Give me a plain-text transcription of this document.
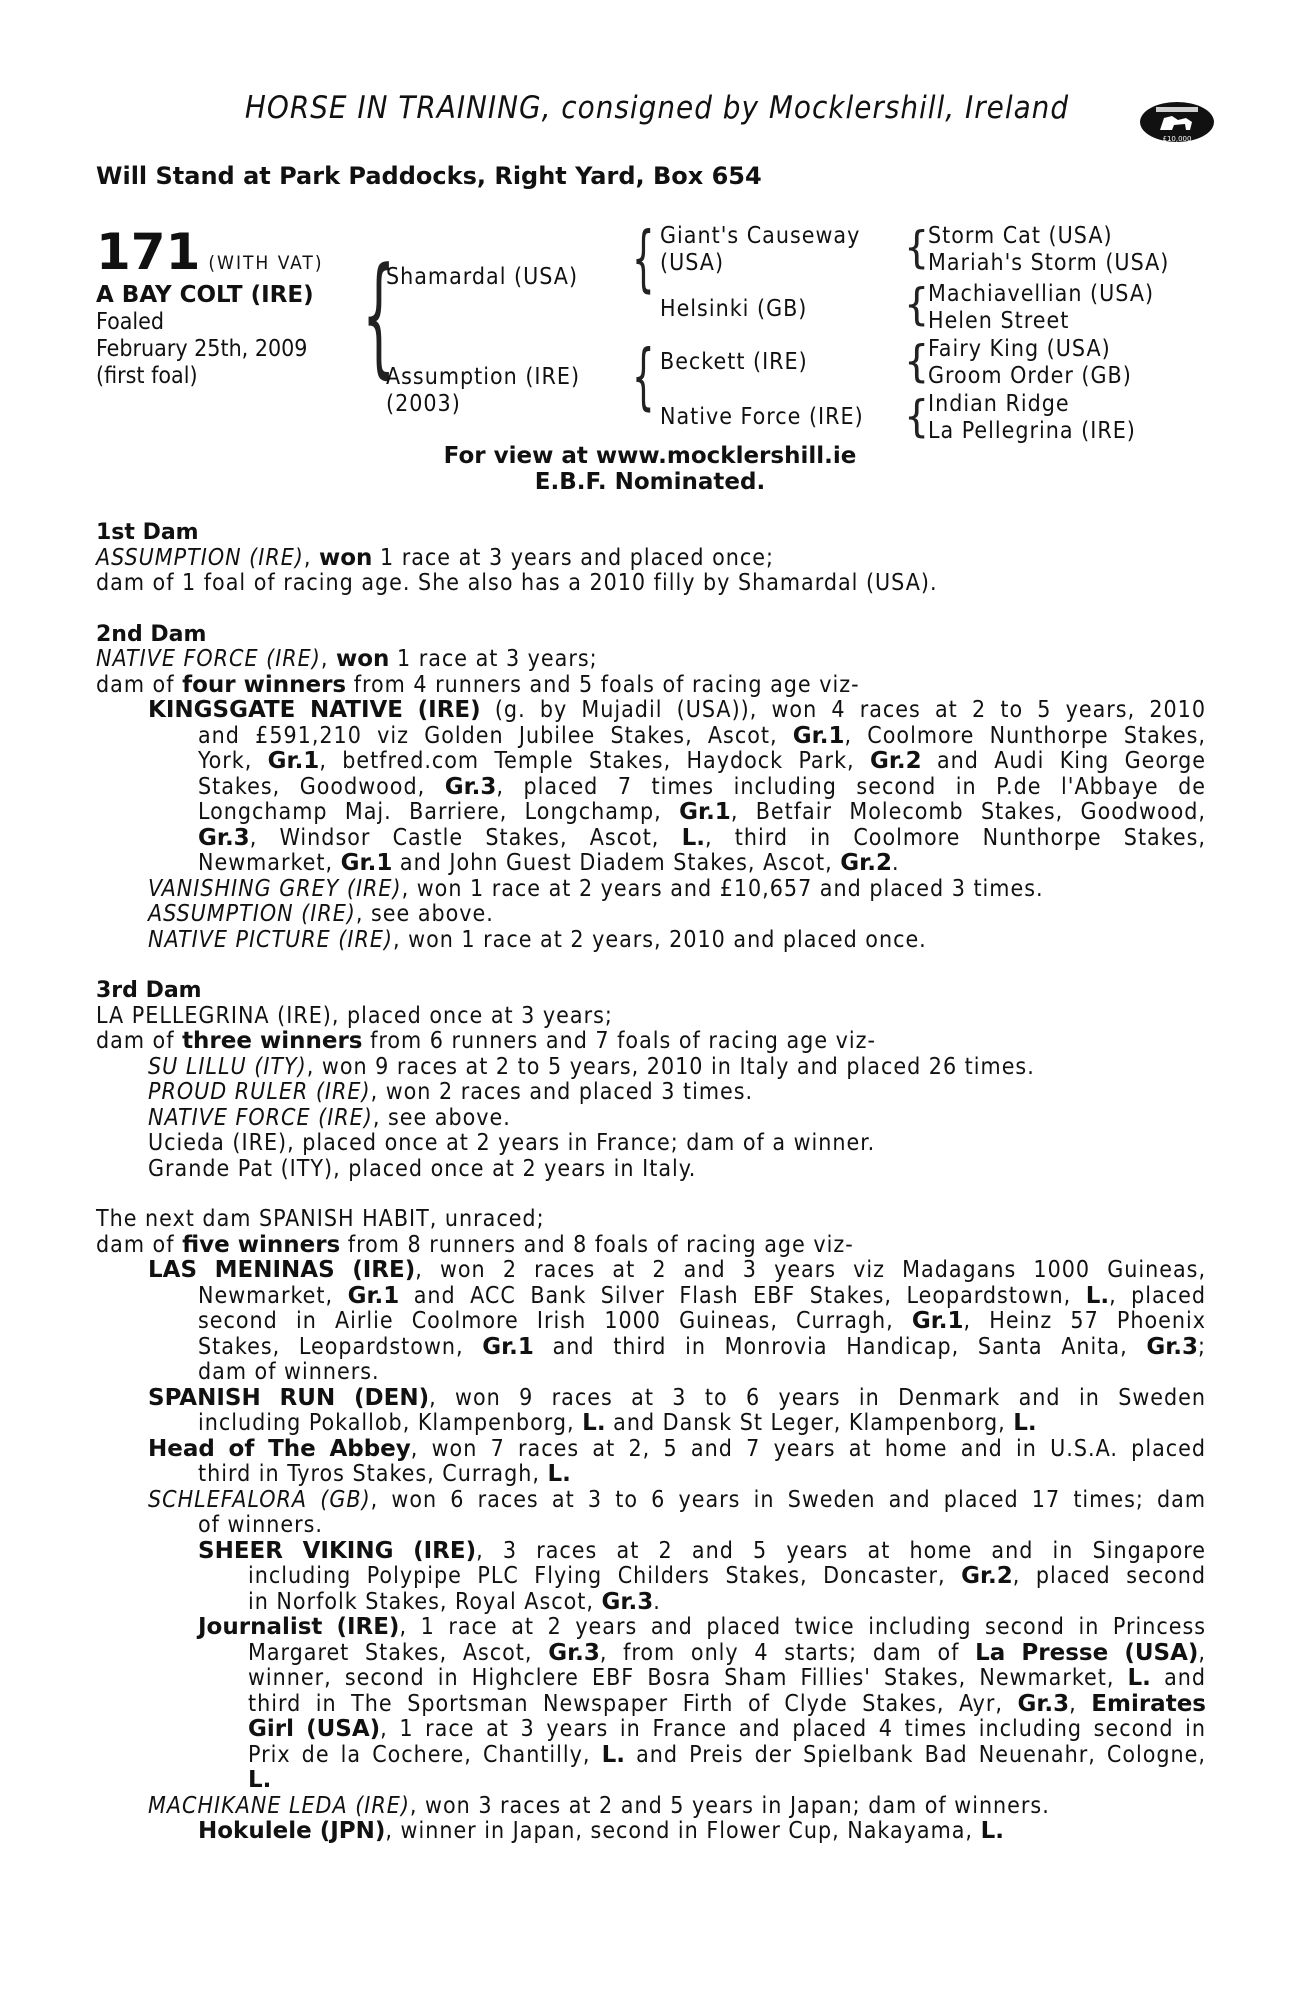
HORSE IN TRAINING, consigned by Mocklershill, Ireland
£10,000
Will Stand at Park Paddocks, Right Yard, Box 654
171 (WITH VAT)
A BAY COLT (IRE)
Foaled
February 25th, 2009
(first foal)	{	{
{
{
{
{
{
Shamardal (USA)
Assumption (IRE)
(2003)
Giant's Causeway
(USA)
Helsinki (GB)
Beckett (IRE)
Native Force (IRE)
Storm Cat (USA)
Mariah's Storm (USA)
Machiavellian (USA)
Helen Street
Fairy King (USA)
Groom Order (GB)
Indian Ridge
La Pellegrina (IRE)
For view at www.mocklershill.ie
E.B.F. Nominated.
1st Dam
ASSUMPTION (IRE), won 1 race at 3 years and placed once;
dam of 1 foal of racing age. She also has a 2010 filly by Shamardal (USA).
2nd Dam
NATIVE FORCE (IRE), won 1 race at 3 years;
dam of four winners from 4 runners and 5 foals of racing age viz-
KINGSGATE NATIVE (IRE) (g. by Mujadil (USA)), won 4 races at 2 to 5 years, 2010
and £591,210 viz Golden Jubilee Stakes, Ascot, Gr.1, Coolmore Nunthorpe Stakes,
York, Gr.1, betfred.com Temple Stakes, Haydock Park, Gr.2 and Audi King George
Stakes, Goodwood, Gr.3, placed 7 times including second in P.de l'Abbaye de
Longchamp Maj. Barriere, Longchamp, Gr.1, Betfair Molecomb Stakes, Goodwood,
Gr.3, Windsor Castle Stakes, Ascot, L., third in Coolmore Nunthorpe Stakes,
Newmarket, Gr.1 and John Guest Diadem Stakes, Ascot, Gr.2.
VANISHING GREY (IRE), won 1 race at 2 years and £10,657 and placed 3 times.
ASSUMPTION (IRE), see above.
NATIVE PICTURE (IRE), won 1 race at 2 years, 2010 and placed once.
3rd Dam
LA PELLEGRINA (IRE), placed once at 3 years;
dam of three winners from 6 runners and 7 foals of racing age viz-
SU LILLU (ITY), won 9 races at 2 to 5 years, 2010 in Italy and placed 26 times.
PROUD RULER (IRE), won 2 races and placed 3 times.
NATIVE FORCE (IRE), see above.
Ucieda (IRE), placed once at 2 years in France; dam of a winner.
Grande Pat (ITY), placed once at 2 years in Italy.
The next dam SPANISH HABIT, unraced;
dam of five winners from 8 runners and 8 foals of racing age viz-
LAS MENINAS (IRE), won 2 races at 2 and 3 years viz Madagans 1000 Guineas,
Newmarket, Gr.1 and ACC Bank Silver Flash EBF Stakes, Leopardstown, L., placed
second in Airlie Coolmore Irish 1000 Guineas, Curragh, Gr.1, Heinz 57 Phoenix
Stakes, Leopardstown, Gr.1 and third in Monrovia Handicap, Santa Anita, Gr.3;
dam of winners.
SPANISH RUN (DEN), won 9 races at 3 to 6 years in Denmark and in Sweden
including Pokallob, Klampenborg, L. and Dansk St Leger, Klampenborg, L.
Head of The Abbey, won 7 races at 2, 5 and 7 years at home and in U.S.A. placed
third in Tyros Stakes, Curragh, L.
SCHLEFALORA (GB), won 6 races at 3 to 6 years in Sweden and placed 17 times; dam
of winners.
SHEER VIKING (IRE), 3 races at 2 and 5 years at home and in Singapore
including Polypipe PLC Flying Childers Stakes, Doncaster, Gr.2, placed second
in Norfolk Stakes, Royal Ascot, Gr.3.
Journalist (IRE), 1 race at 2 years and placed twice including second in Princess
Margaret Stakes, Ascot, Gr.3, from only 4 starts; dam of La Presse (USA),
winner, second in Highclere EBF Bosra Sham Fillies' Stakes, Newmarket, L. and
third in The Sportsman Newspaper Firth of Clyde Stakes, Ayr, Gr.3, Emirates
Girl (USA), 1 race at 3 years in France and placed 4 times including second in
Prix de la Cochere, Chantilly, L. and Preis der Spielbank Bad Neuenahr, Cologne,
L.
MACHIKANE LEDA (IRE), won 3 races at 2 and 5 years in Japan; dam of winners.
Hokulele (JPN), winner in Japan, second in Flower Cup, Nakayama, L.
